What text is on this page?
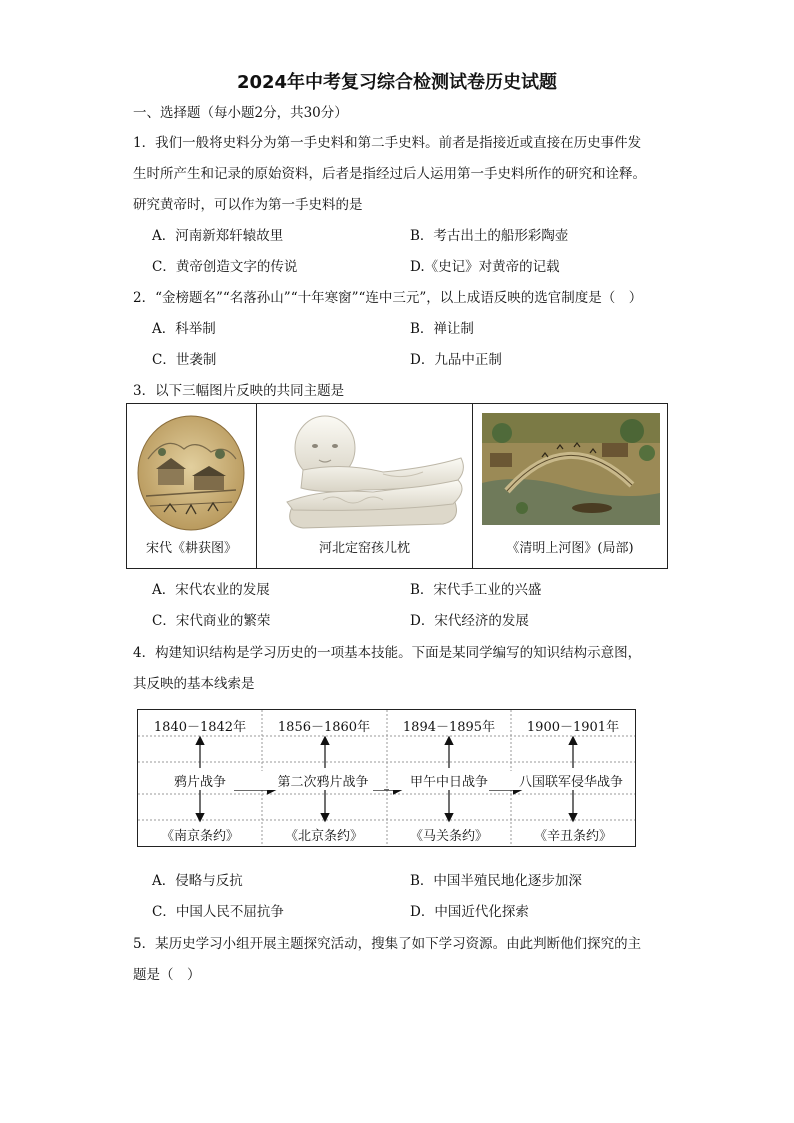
2024年中考复习综合检测试卷历史试题
一、选择题（每小题2分，共30分）
1．我们一般将史料分为第一手史料和第二手史料。前者是指接近或直接在历史事件发
生时所产生和记录的原始资料，后者是指经过后人运用第一手史料所作的研究和诠释。
研究黄帝时，可以作为第一手史料的是
A．河南新郑轩辕故里	B．考古出土的船形彩陶壶
C．黄帝创造文字的传说	D.《史记》对黄帝的记载
2．“金榜题名”“名落孙山”“十年寒窗”“连中三元”，以上成语反映的选官制度是（　）
A．科举制	B．禅让制
C．世袭制	D．九品中正制
3．以下三幅图片反映的共同主题是
宋代《耕获图》	河北定窑孩儿枕	《清明上河图》(局部)
A．宋代农业的发展	B．宋代手工业的兴盛
C．宋代商业的繁荣	D．宋代经济的发展
4．构建知识结构是学习历史的一项基本技能。下面是某同学编写的知识结构示意图，
其反映的基本线索是
1840－1842年	1856－1860年	1894－1895年	1900－1901年
鸦片战争	第二次鸦片战争	甲午中日战争	八国联军侵华战争
《南京条约》	《北京条约》	《马关条约》	《辛丑条约》
A．侵略与反抗	B．中国半殖民地化逐步加深
C．中国人民不屈抗争	D．中国近代化探索
5．某历史学习小组开展主题探究活动，搜集了如下学习资源。由此判断他们探究的主
题是（　）
